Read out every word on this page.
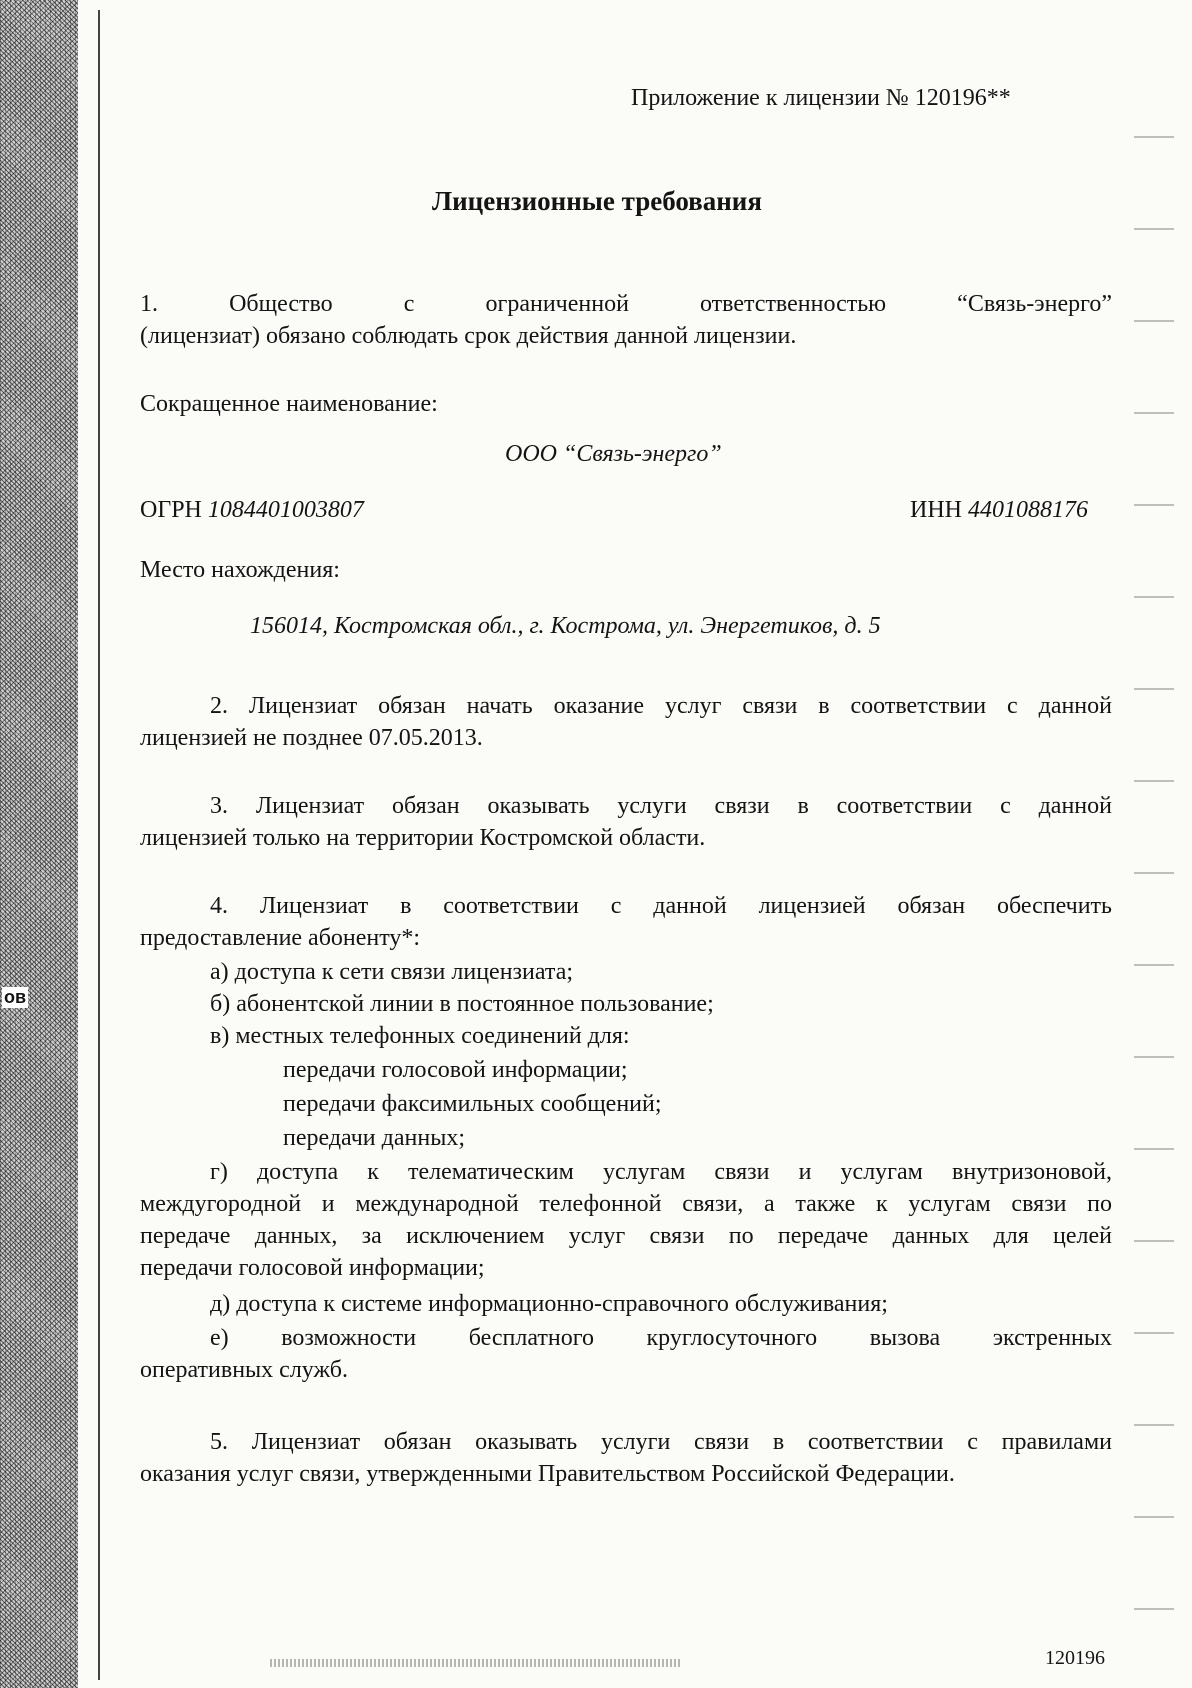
ов
Приложение к лицензии № 120196**
Лицензионные требования
1. Общество с ограниченной ответственностью “Связь-энерго”
(лицензиат) обязано соблюдать срок действия данной лицензии.
Сокращенное наименование:
ООО “Связь-энерго”
ОГРН 1084401003807	ИНН 4401088176
Место нахождения:
156014, Костромская обл., г. Кострома, ул. Энергетиков, д. 5
2. Лицензиат обязан начать оказание услуг связи в соответствии с данной
лицензией не позднее 07.05.2013.
3. Лицензиат обязан оказывать услуги связи в соответствии с данной
лицензией только на территории Костромской области.
4. Лицензиат в соответствии с данной лицензией обязан обеспечить
предоставление абоненту*:
а) доступа к сети связи лицензиата;
б) абонентской линии в постоянное пользование;
в) местных телефонных соединений для:
передачи голосовой информации;
передачи факсимильных сообщений;
передачи данных;
г) доступа к телематическим услугам связи и услугам внутризоновой,
междугородной и международной телефонной связи, а также к услугам связи по
передаче данных, за исключением услуг связи по передаче данных для целей
передачи голосовой информации;
д) доступа к системе информационно-справочного обслуживания;
е) возможности бесплатного круглосуточного вызова экстренных
оперативных служб.
5. Лицензиат обязан оказывать услуги связи в соответствии с правилами
оказания услуг связи, утвержденными Правительством Российской Федерации.
120196
